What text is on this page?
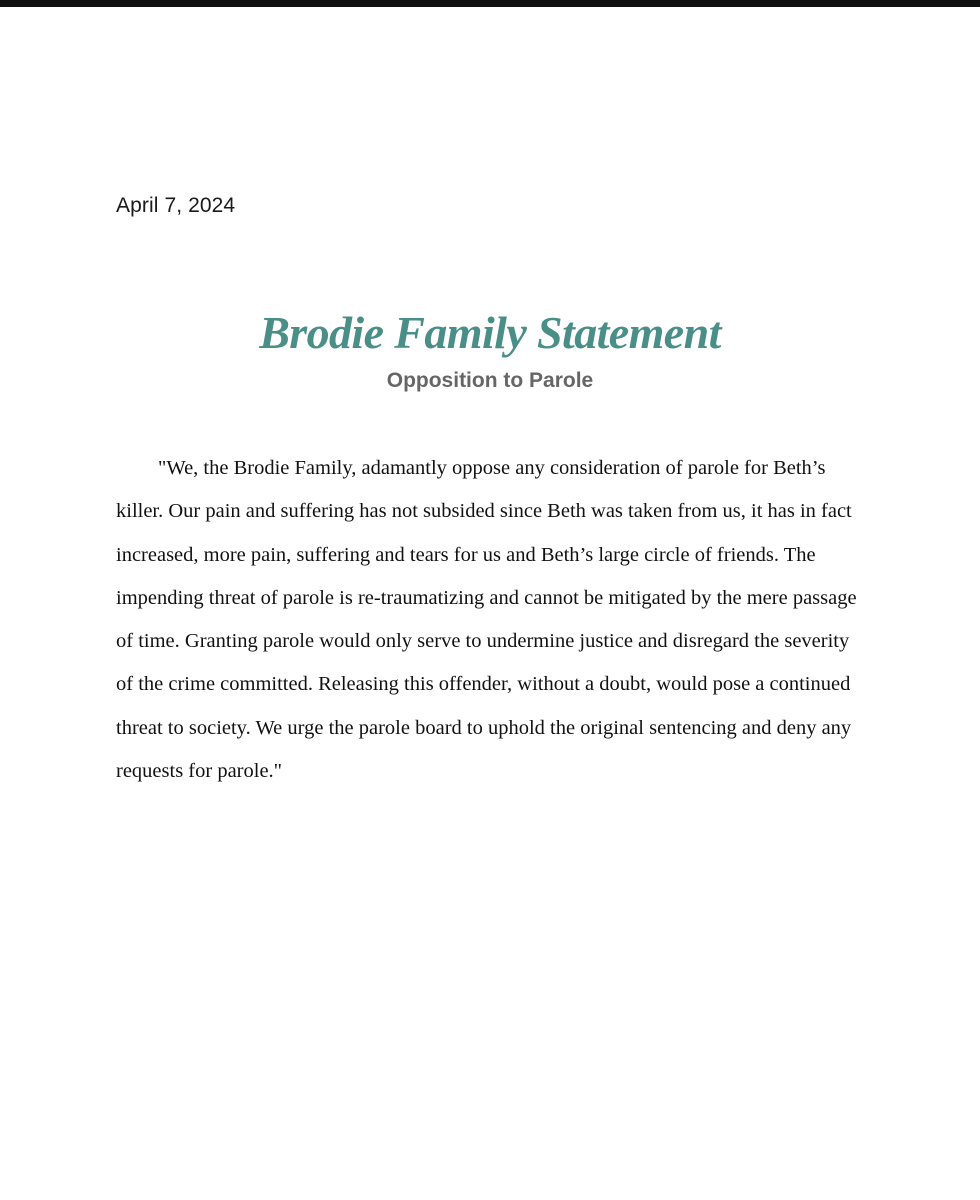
April 7, 2024
Brodie Family Statement
Opposition to Parole

"We, the Brodie Family, adamantly oppose any consideration of parole for Beth’s killer. Our pain and suffering has not subsided since Beth was taken from us, it has in fact increased, more pain, suffering and tears for us and Beth’s large circle of friends. The impending threat of parole is re-traumatizing and cannot be mitigated by the mere passage of time. Granting parole would only serve to undermine justice and disregard the severity of the crime committed. Releasing this offender, without a doubt, would pose a continued threat to society. We urge the parole board to uphold the original sentencing and deny any requests for parole."
